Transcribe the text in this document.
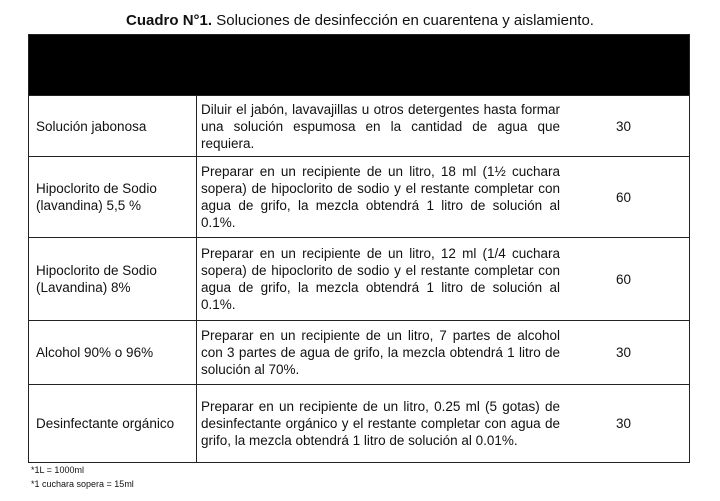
Cuadro N°1. Soluciones de desinfección en cuarentena y aislamiento.
Solución jabonosa
Diluir el jabón, lavavajillas u otros detergentes hasta formar una solución espumosa en la cantidad de agua que requiera.
30
Hipoclorito de Sodio (lavandina) 5,5 %
Preparar en un recipiente de un litro, 18 ml (1½ cuchara sopera) de hipoclorito de sodio y el restante completar con agua de grifo, la mezcla obtendrá 1 litro de solución al 0.1%.
60
Hipoclorito de Sodio (Lavandina) 8%
Preparar en un recipiente de un litro, 12 ml (1/4 cuchara sopera) de hipoclorito de sodio y el restante completar con agua de grifo, la mezcla obtendrá 1 litro de solución al 0.1%.
60
Alcohol 90% o 96%
Preparar en un recipiente de un litro, 7 partes de alcohol con 3 partes de agua de grifo, la mezcla obtendrá 1 litro de solución al 70%.
30
Desinfectante orgánico
Preparar en un recipiente de un litro, 0.25 ml (5 gotas) de desinfectante orgánico y el restante completar con agua de grifo, la mezcla obtendrá 1 litro de solución al 0.01%.
30
*1L = 1000ml
*1 cuchara sopera = 15ml
